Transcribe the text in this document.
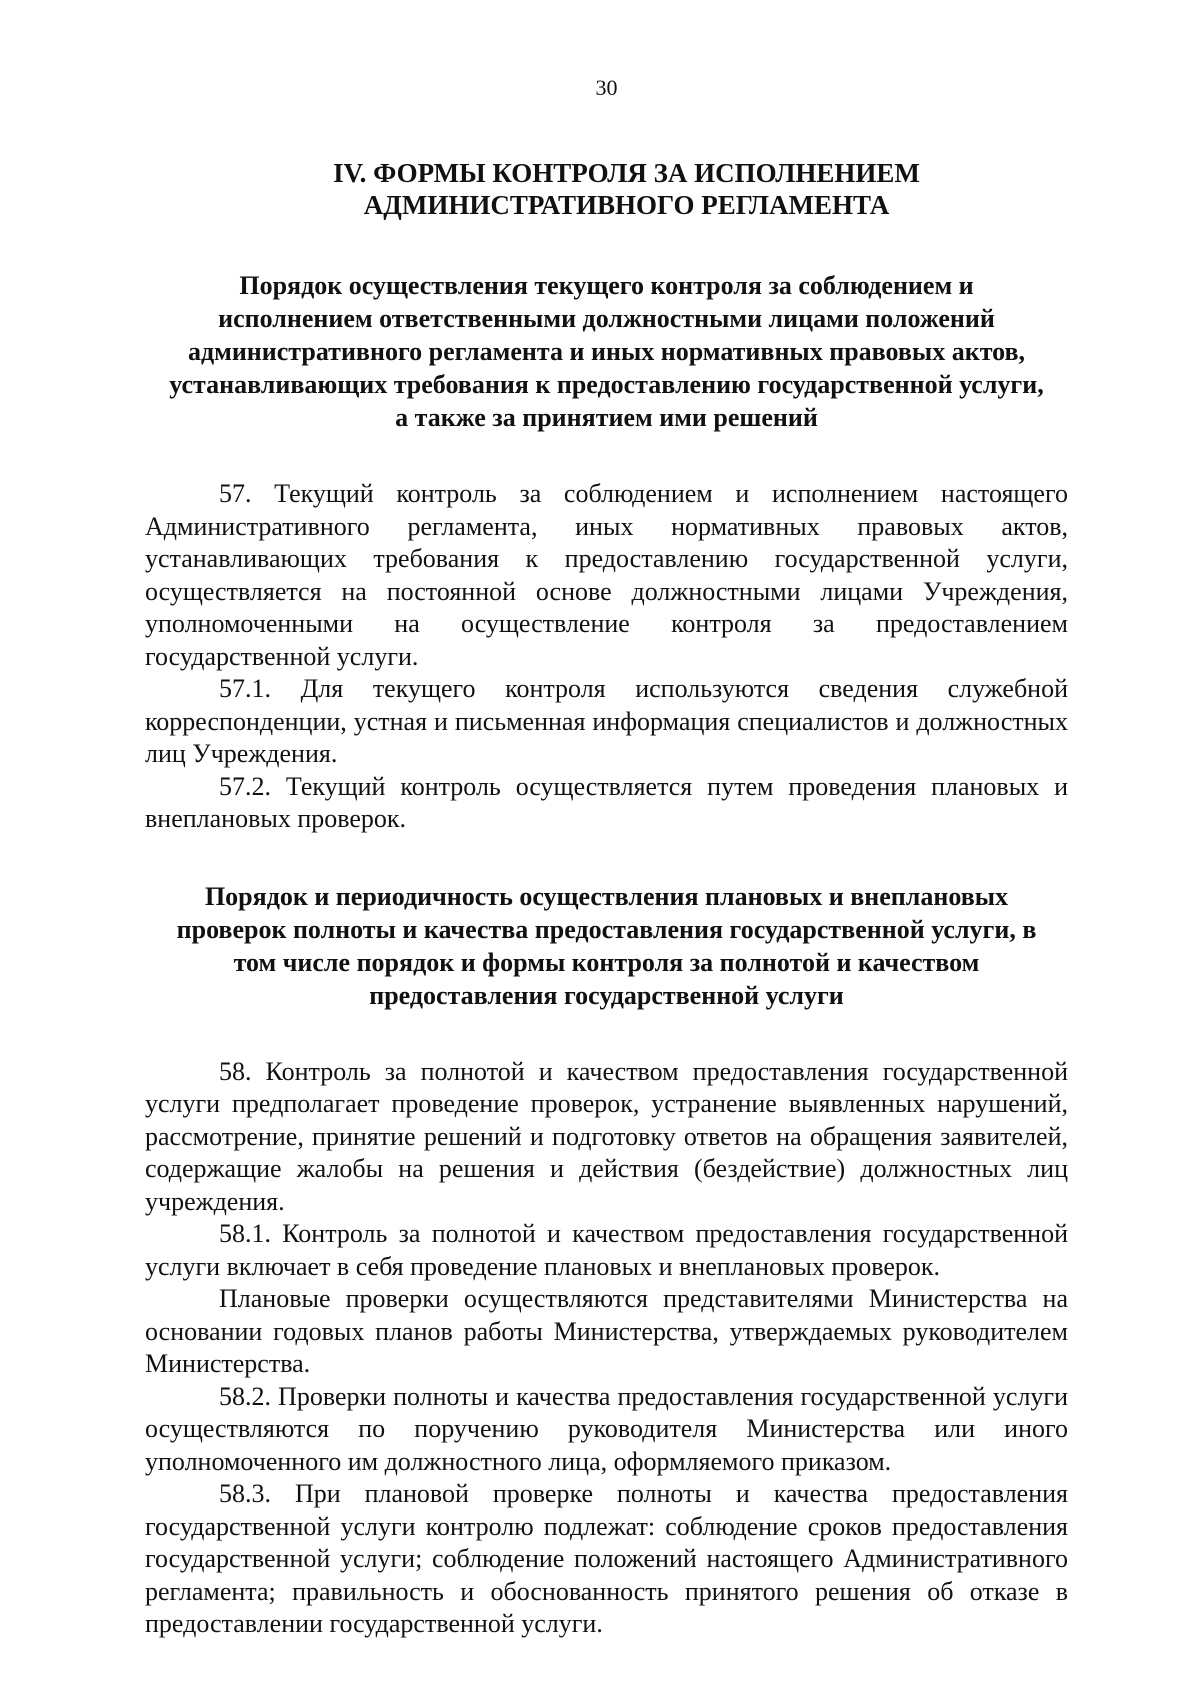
30

IV. ФОРМЫ КОНТРОЛЯ ЗА ИСПОЛНЕНИЕМ
АДМИНИСТРАТИВНОГО РЕГЛАМЕНТА
Порядок осуществления текущего контроля за соблюдением и
исполнением ответственными должностными лицами положений
административного регламента и иных нормативных правовых актов,
устанавливающих требования к предоставлению государственной услуги,
а также за принятием ими решений

57. Текущий контроль за соблюдением и исполнением настоящего Административного регламента, иных нормативных правовых актов, устанавливающих требования к предоставлению государственной услуги, осуществляется на постоянной основе должностными лицами Учреждения, уполномоченными на осуществление контроля за предоставлением государственной услуги.

57.1. Для текущего контроля используются сведения служебной корреспонденции, устная и письменная информация специалистов и должностных лиц Учреждения.

57.2. Текущий контроль осуществляется путем проведения плановых и внеплановых проверок.

Порядок и периодичность осуществления плановых и внеплановых
проверок полноты и качества предоставления государственной услуги, в
том числе порядок и формы контроля за полнотой и качеством
предоставления государственной услуги

58. Контроль за полнотой и качеством предоставления государственной услуги предполагает проведение проверок, устранение выявленных нарушений, рассмотрение, принятие решений и подготовку ответов на обращения заявителей, содержащие жалобы на решения и действия (бездействие) должностных лиц учреждения.

58.1. Контроль за полнотой и качеством предоставления государственной услуги включает в себя проведение плановых и внеплановых проверок.

Плановые проверки осуществляются представителями Министерства на основании годовых планов работы Министерства, утверждаемых руководителем Министерства.

58.2. Проверки полноты и качества предоставления государственной услуги осуществляются по поручению руководителя Министерства или иного уполномоченного им должностного лица, оформляемого приказом.

58.3. При плановой проверке полноты и качества предоставления государственной услуги контролю подлежат: соблюдение сроков предоставления государственной услуги; соблюдение положений настоящего Административного регламента; правильность и обоснованность принятого решения об отказе в предоставлении государственной услуги.
